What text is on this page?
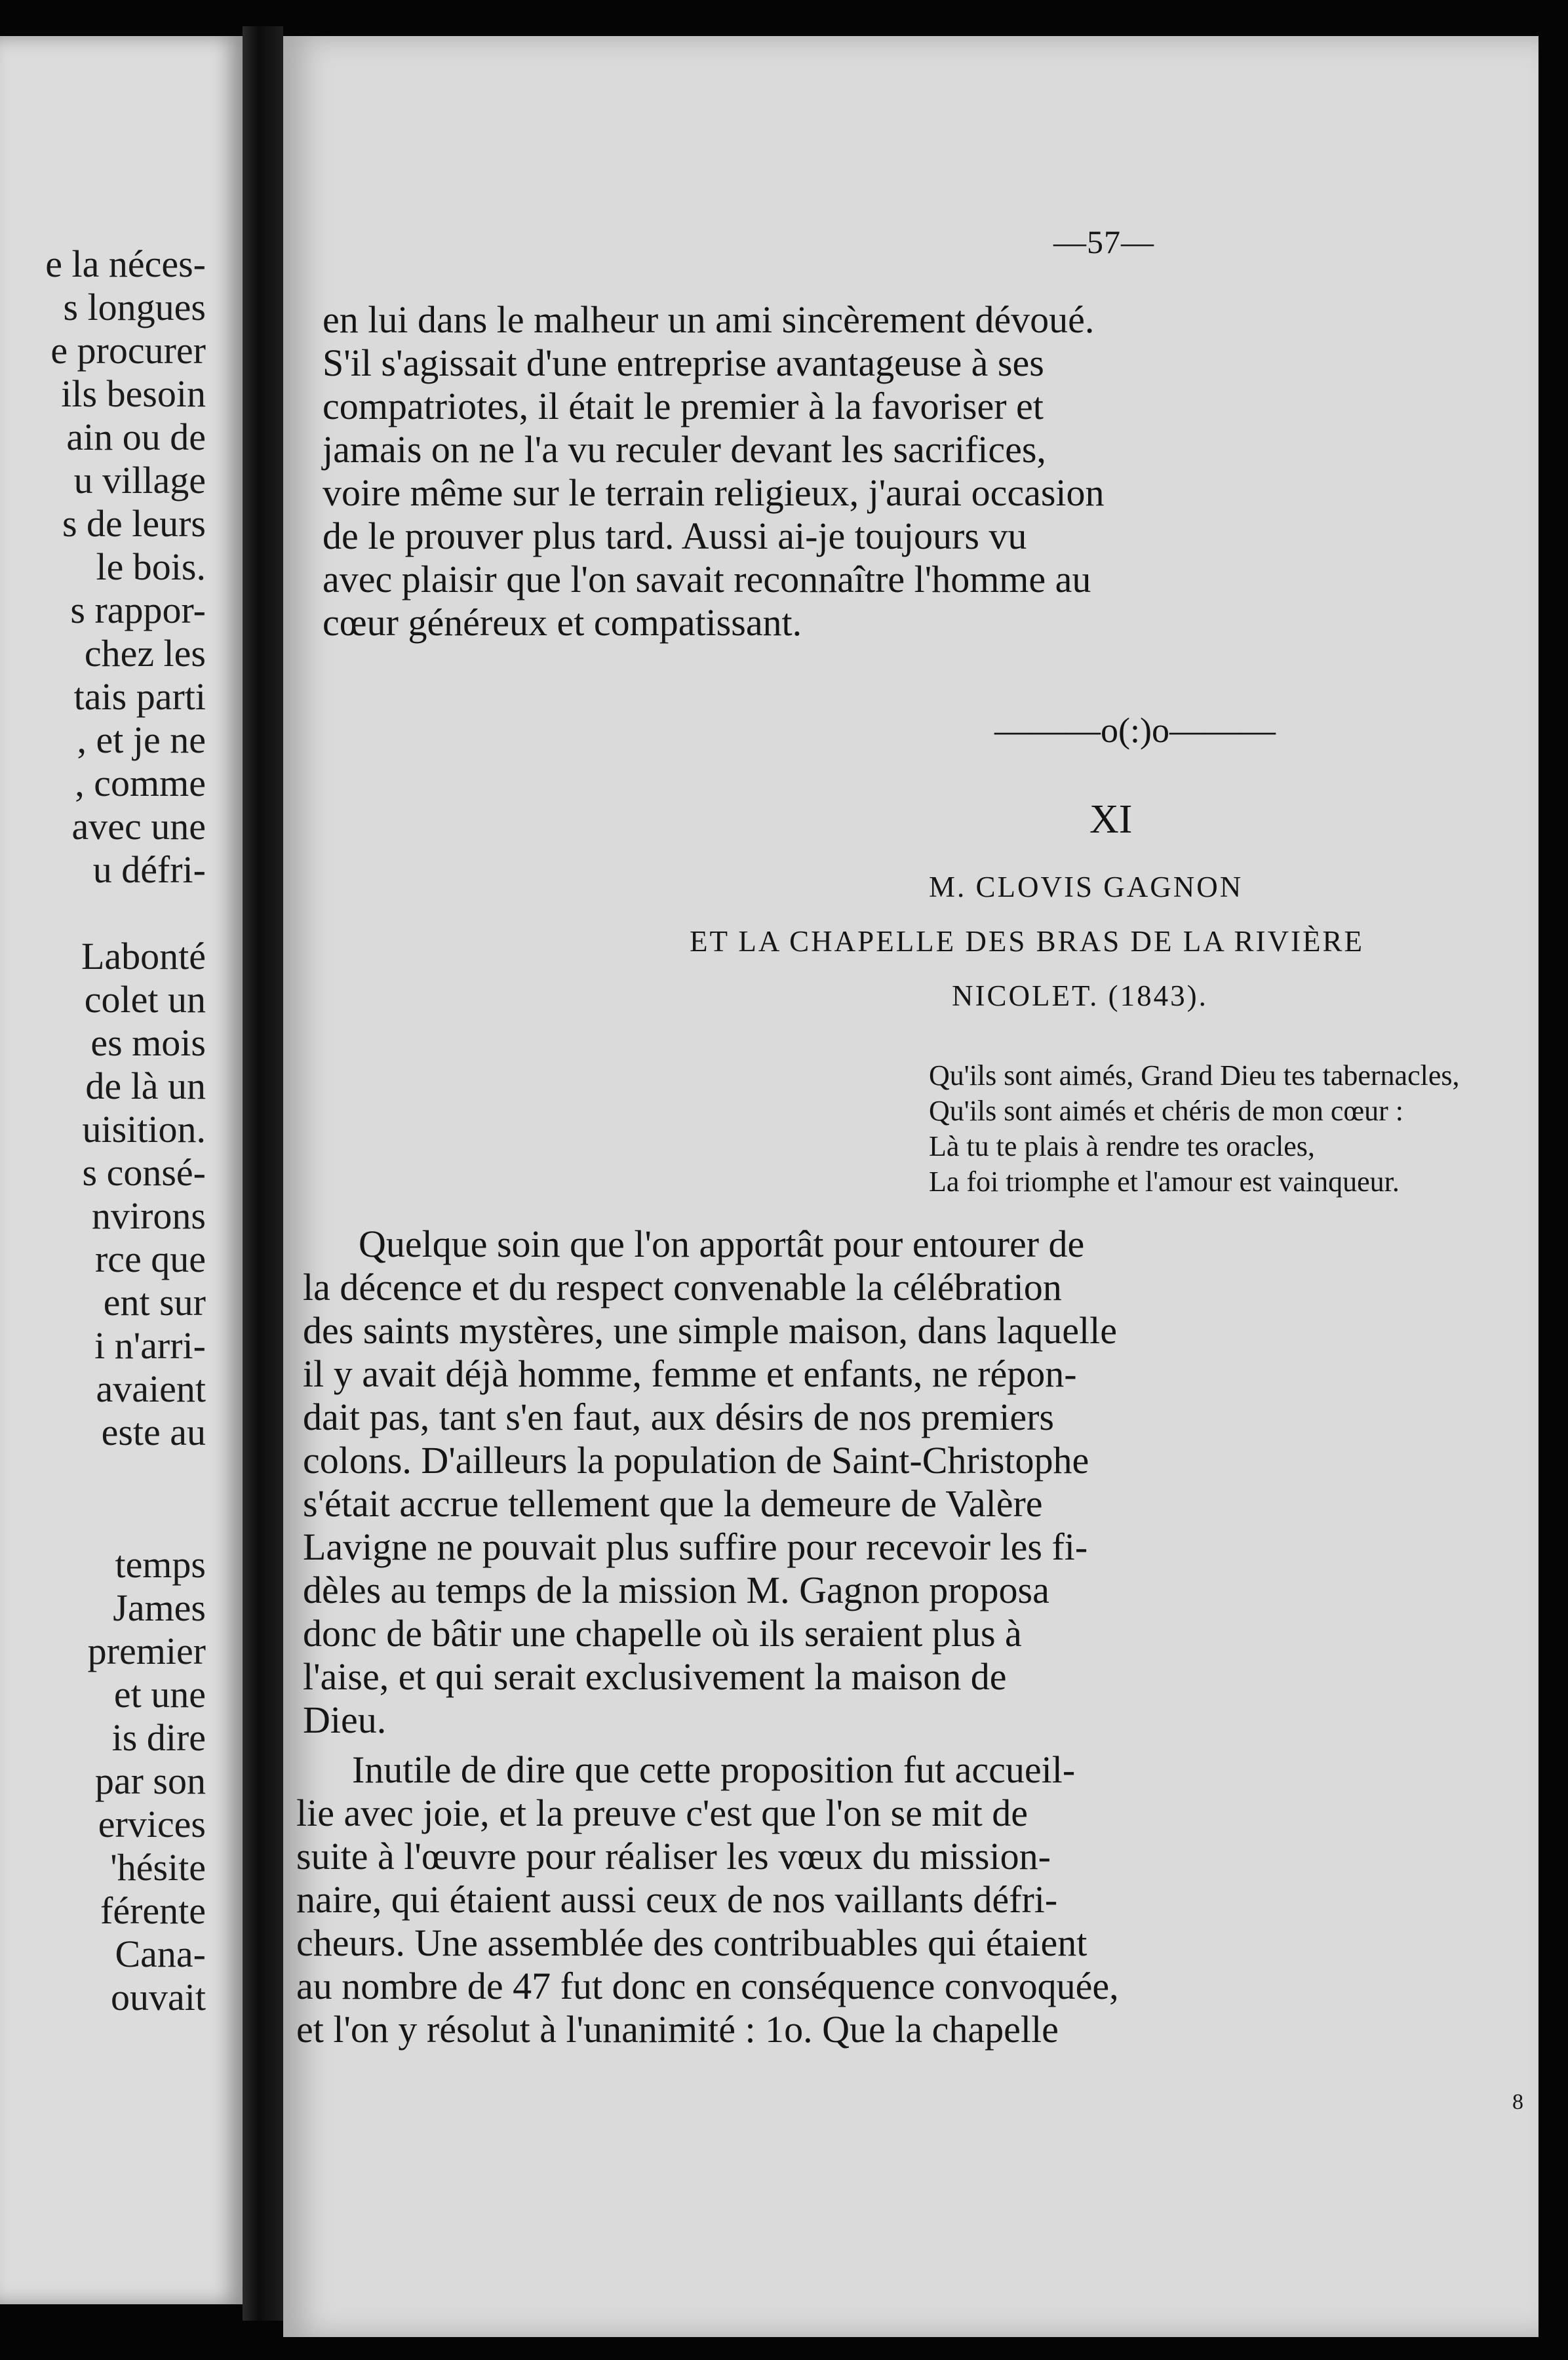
e la néces-
s longues
e procurer
ils besoin
ain ou de
u village
s de leurs
le bois.
s rappor-
chez les
tais parti
, et je ne
, comme
avec une
u défri-
Labonté
colet un
es mois
de là un
uisition.
s consé-
nvirons
rce que
ent sur
i n'arri-
avaient
este au
temps
James
premier
et une
is dire
par son
ervices
'hésite
férente
Cana-
ouvait
—57—
en lui dans le malheur un ami sincèrement dévoué.
S'il s'agissait d'une entreprise avantageuse à ses
compatriotes, il était le premier à la favoriser et
jamais on ne l'a vu reculer devant les sacrifices,
voire même sur le terrain religieux, j'aurai occasion
de le prouver plus tard. Aussi ai-je toujours vu
avec plaisir que l'on savait reconnaître l'homme au
cœur généreux et compatissant.
———o(:)o———
XI
M. CLOVIS GAGNON
ET LA CHAPELLE DES BRAS DE LA RIVIÈRE
NICOLET. (1843).
Qu'ils sont aimés, Grand Dieu tes tabernacles,
Qu'ils sont aimés et chéris de mon cœur :
Là tu te plais à rendre tes oracles,
La foi triomphe et l'amour est vainqueur.
Quelque soin que l'on apportât pour entourer de
la décence et du respect convenable la célébration
des saints mystères, une simple maison, dans laquelle
il y avait déjà homme, femme et enfants, ne répon-
dait pas, tant s'en faut, aux désirs de nos premiers
colons. D'ailleurs la population de Saint-Christophe
s'était accrue tellement que la demeure de Valère
Lavigne ne pouvait plus suffire pour recevoir les fi-
dèles au temps de la mission M. Gagnon proposa
donc de bâtir une chapelle où ils seraient plus à
l'aise, et qui serait exclusivement la maison de
Dieu.
Inutile de dire que cette proposition fut accueil-
lie avec joie, et la preuve c'est que l'on se mit de
suite à l'œuvre pour réaliser les vœux du mission-
naire, qui étaient aussi ceux de nos vaillants défri-
cheurs. Une assemblée des contribuables qui étaient
au nombre de 47 fut donc en conséquence convoquée,
et l'on y résolut à l'unanimité : 1o. Que la chapelle
8
